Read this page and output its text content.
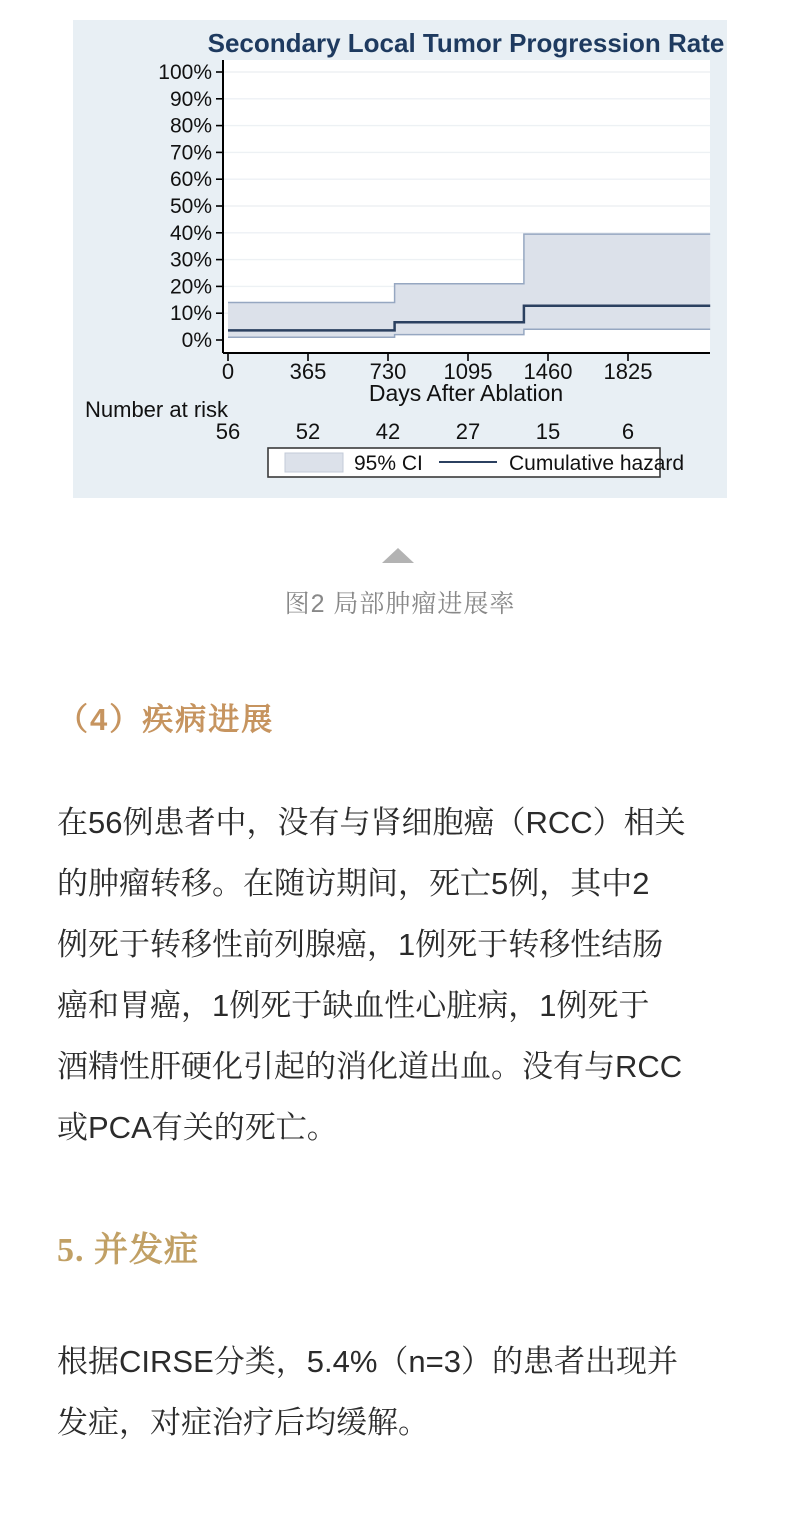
Secondary Local Tumor Progression Rate
0%
10%
20%
30%
40%
50%
60%
70%
80%
90%
100%
0	365 730 1095 1460 1825
Days After Ablation
Number at risk
56	52	42	27	15	6
95% CI	Cumulative hazard
图2 局部肿瘤进展率
（4）疾病进展

在56例患者中，没有与肾细胞癌（RCC）相关
的肿瘤转移。在随访期间，死亡5例，其中2
例死于转移性前列腺癌，1例死于转移性结肠
癌和胃癌，1例死于缺血性心脏病，1例死于
酒精性肝硬化引起的消化道出血。没有与RCC
或PCA有关的死亡。

5. 并发症

根据CIRSE分类，5.4%（n=3）的患者出现并
发症，对症治疗后均缓解。
